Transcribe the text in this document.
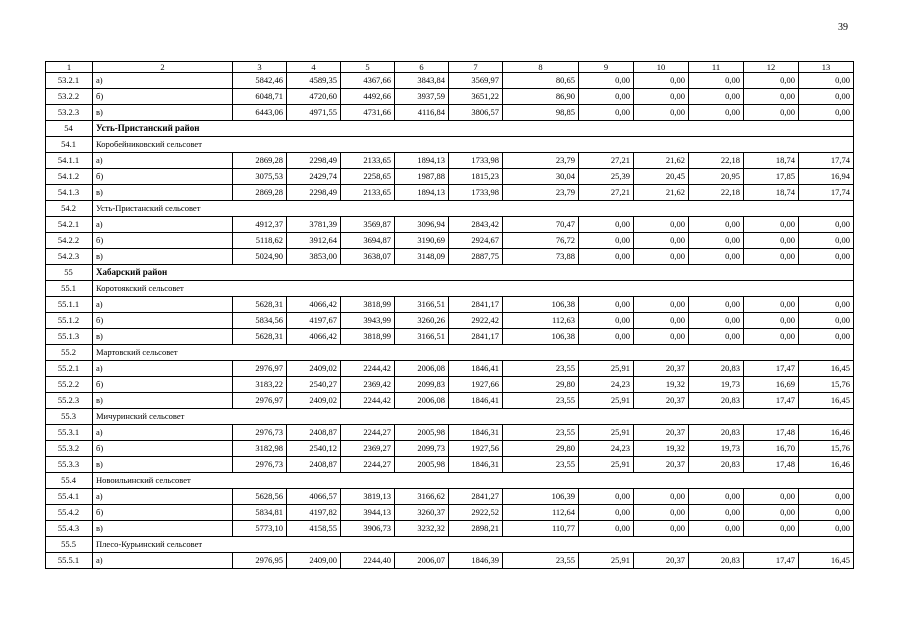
39
1	2	3	4	5	6	7	8	9	10	11	12	13
53.2.1	а)	5842,46	4589,35	4367,66	3843,84	3569,97	80,65	0,00	0,00	0,00	0,00	0,00
53.2.2	б)	6048,71	4720,60	4492,66	3937,59	3651,22	86,90	0,00	0,00	0,00	0,00	0,00
53.2.3	в)	6443,06	4971,55	4731,66	4116,84	3806,57	98,85	0,00	0,00	0,00	0,00	0,00
54	Усть-Пристанский район											
54.1	Коробейниковский сельсовет											
54.1.1	а)	2869,28	2298,49	2133,65	1894,13	1733,98	23,79	27,21	21,62	22,18	18,74	17,74
54.1.2	б)	3075,53	2429,74	2258,65	1987,88	1815,23	30,04	25,39	20,45	20,95	17,85	16,94
54.1.3	в)	2869,28	2298,49	2133,65	1894,13	1733,98	23,79	27,21	21,62	22,18	18,74	17,74
54.2	Усть-Пристанский сельсовет											
54.2.1	а)	4912,37	3781,39	3569,87	3096,94	2843,42	70,47	0,00	0,00	0,00	0,00	0,00
54.2.2	б)	5118,62	3912,64	3694,87	3190,69	2924,67	76,72	0,00	0,00	0,00	0,00	0,00
54.2.3	в)	5024,90	3853,00	3638,07	3148,09	2887,75	73,88	0,00	0,00	0,00	0,00	0,00
55	Хабарский район											
55.1	Коротоякский сельсовет											
55.1.1	а)	5628,31	4066,42	3818,99	3166,51	2841,17	106,38	0,00	0,00	0,00	0,00	0,00
55.1.2	б)	5834,56	4197,67	3943,99	3260,26	2922,42	112,63	0,00	0,00	0,00	0,00	0,00
55.1.3	в)	5628,31	4066,42	3818,99	3166,51	2841,17	106,38	0,00	0,00	0,00	0,00	0,00
55.2	Мартовский сельсовет											
55.2.1	а)	2976,97	2409,02	2244,42	2006,08	1846,41	23,55	25,91	20,37	20,83	17,47	16,45
55.2.2	б)	3183,22	2540,27	2369,42	2099,83	1927,66	29,80	24,23	19,32	19,73	16,69	15,76
55.2.3	в)	2976,97	2409,02	2244,42	2006,08	1846,41	23,55	25,91	20,37	20,83	17,47	16,45
55.3	Мичуринский сельсовет											
55.3.1	а)	2976,73	2408,87	2244,27	2005,98	1846,31	23,55	25,91	20,37	20,83	17,48	16,46
55.3.2	б)	3182,98	2540,12	2369,27	2099,73	1927,56	29,80	24,23	19,32	19,73	16,70	15,76
55.3.3	в)	2976,73	2408,87	2244,27	2005,98	1846,31	23,55	25,91	20,37	20,83	17,48	16,46
55.4	Новоильинский сельсовет											
55.4.1	а)	5628,56	4066,57	3819,13	3166,62	2841,27	106,39	0,00	0,00	0,00	0,00	0,00
55.4.2	б)	5834,81	4197,82	3944,13	3260,37	2922,52	112,64	0,00	0,00	0,00	0,00	0,00
55.4.3	в)	5773,10	4158,55	3906,73	3232,32	2898,21	110,77	0,00	0,00	0,00	0,00	0,00
55.5	Плесо-Курьинский сельсовет											
55.5.1	а)	2976,95	2409,00	2244,40	2006,07	1846,39	23,55	25,91	20,37	20,83	17,47	16,45
